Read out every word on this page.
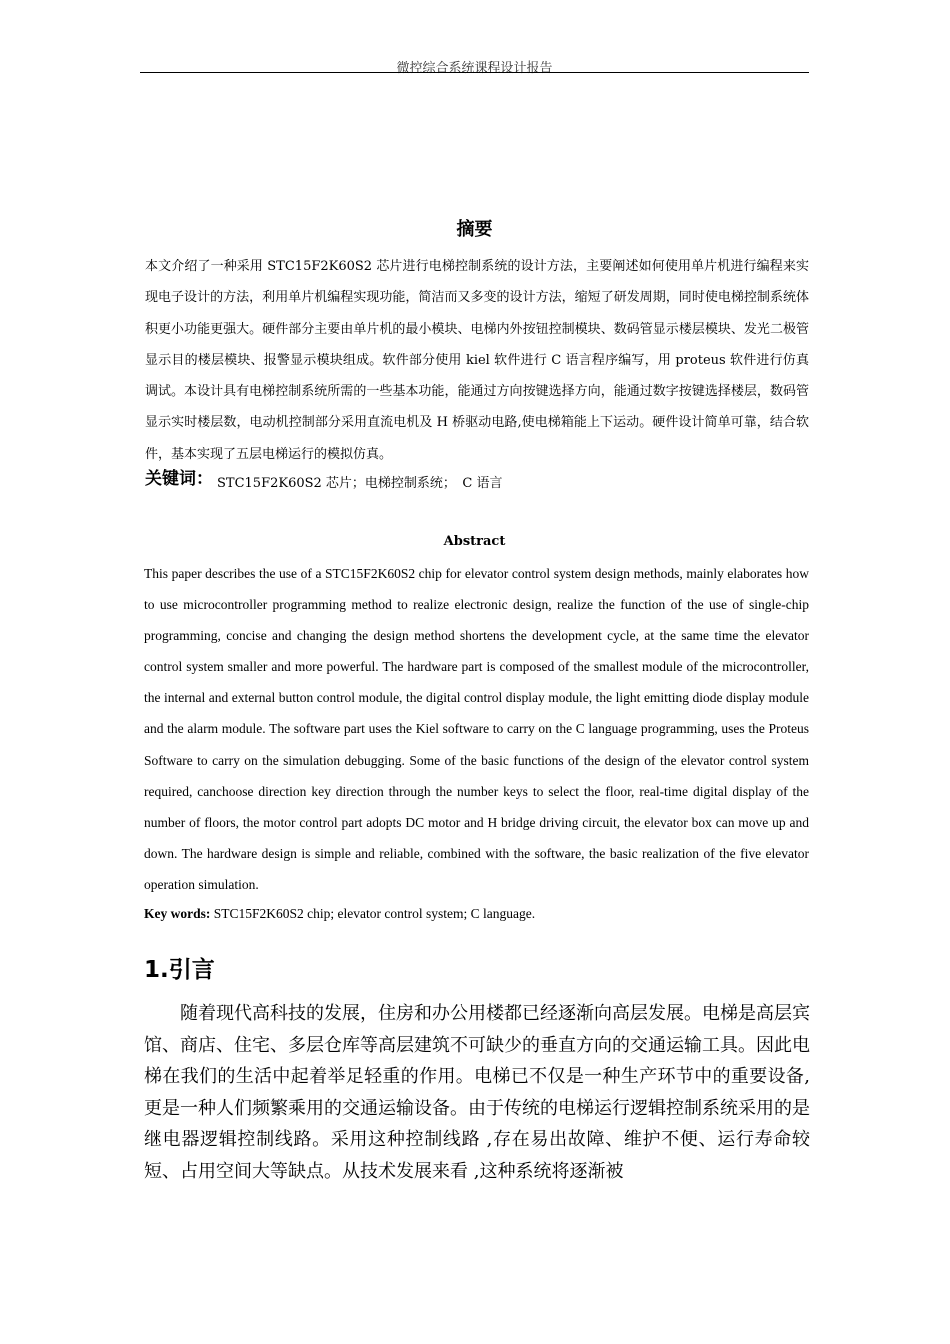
微控综合系统课程设计报告
摘要

本文介绍了一种采用 STC15F2K60S2 芯片进行电梯控制系统的设计方法，主要阐述如何使用单片机进行编程来实现电子设计的方法，利用单片机编程实现功能，简洁而又多变的设计方法，缩短了研发周期，同时使电梯控制系统体积更小功能更强大。硬件部分主要由单片机的最小模块、电梯内外按钮控制模块、数码管显示楼层模块、发光二极管显示目的楼层模块、报警显示模块组成。软件部分使用 kiel 软件进行 C 语言程序编写，用 proteus 软件进行仿真调试。本设计具有电梯控制系统所需的一些基本功能，能通过方向按键选择方向，能通过数字按键选择楼层，数码管显示实时楼层数，电动机控制部分采用直流电机及 H 桥驱动电路,使电梯箱能上下运动。硬件设计简单可靠，结合软件，基本实现了五层电梯运行的模拟仿真。

关键词： STC15F2K60S2 芯片；电梯控制系统；　C 语言
Abstract

This paper describes the use of a STC15F2K60S2 chip for elevator control system design methods, mainly elaborates how to use microcontroller programming method to realize electronic design, realize the function of the use of single-chip programming, concise and changing the design method shortens the development cycle, at the same time the elevator control system smaller and more powerful. The hardware part is composed of the smallest module of the microcontroller, the internal and external button control module, the digital control display module, the light emitting diode display module and the alarm module. The software part uses the Kiel software to carry on the C language programming, uses the Proteus Software to carry on the simulation debugging. Some of the basic functions of the design of the elevator control system required, canchoose direction key direction through the number keys to select the floor, real-time digital display of the number of floors, the motor control part adopts DC motor and H bridge driving circuit, the elevator box can move up and down. The hardware design is simple and reliable, combined with the software, the basic realization of the five elevator operation simulation.

Key words: STC15F2K60S2 chip; elevator control system; C language.
1.引言

随着现代高科技的发展，住房和办公用楼都已经逐渐向高层发展。电梯是高层宾馆、商店、住宅、多层仓库等高层建筑不可缺少的垂直方向的交通运输工具。因此电梯在我们的生活中起着举足轻重的作用。电梯已不仅是一种生产环节中的重要设备,更是一种人们频繁乘用的交通运输设备。由于传统的电梯运行逻辑控制系统采用的是继电器逻辑控制线路。采用这种控制线路 ,存在易出故障、维护不便、运行寿命较短、占用空间大等缺点。从技术发展来看 ,这种系统将逐渐被
